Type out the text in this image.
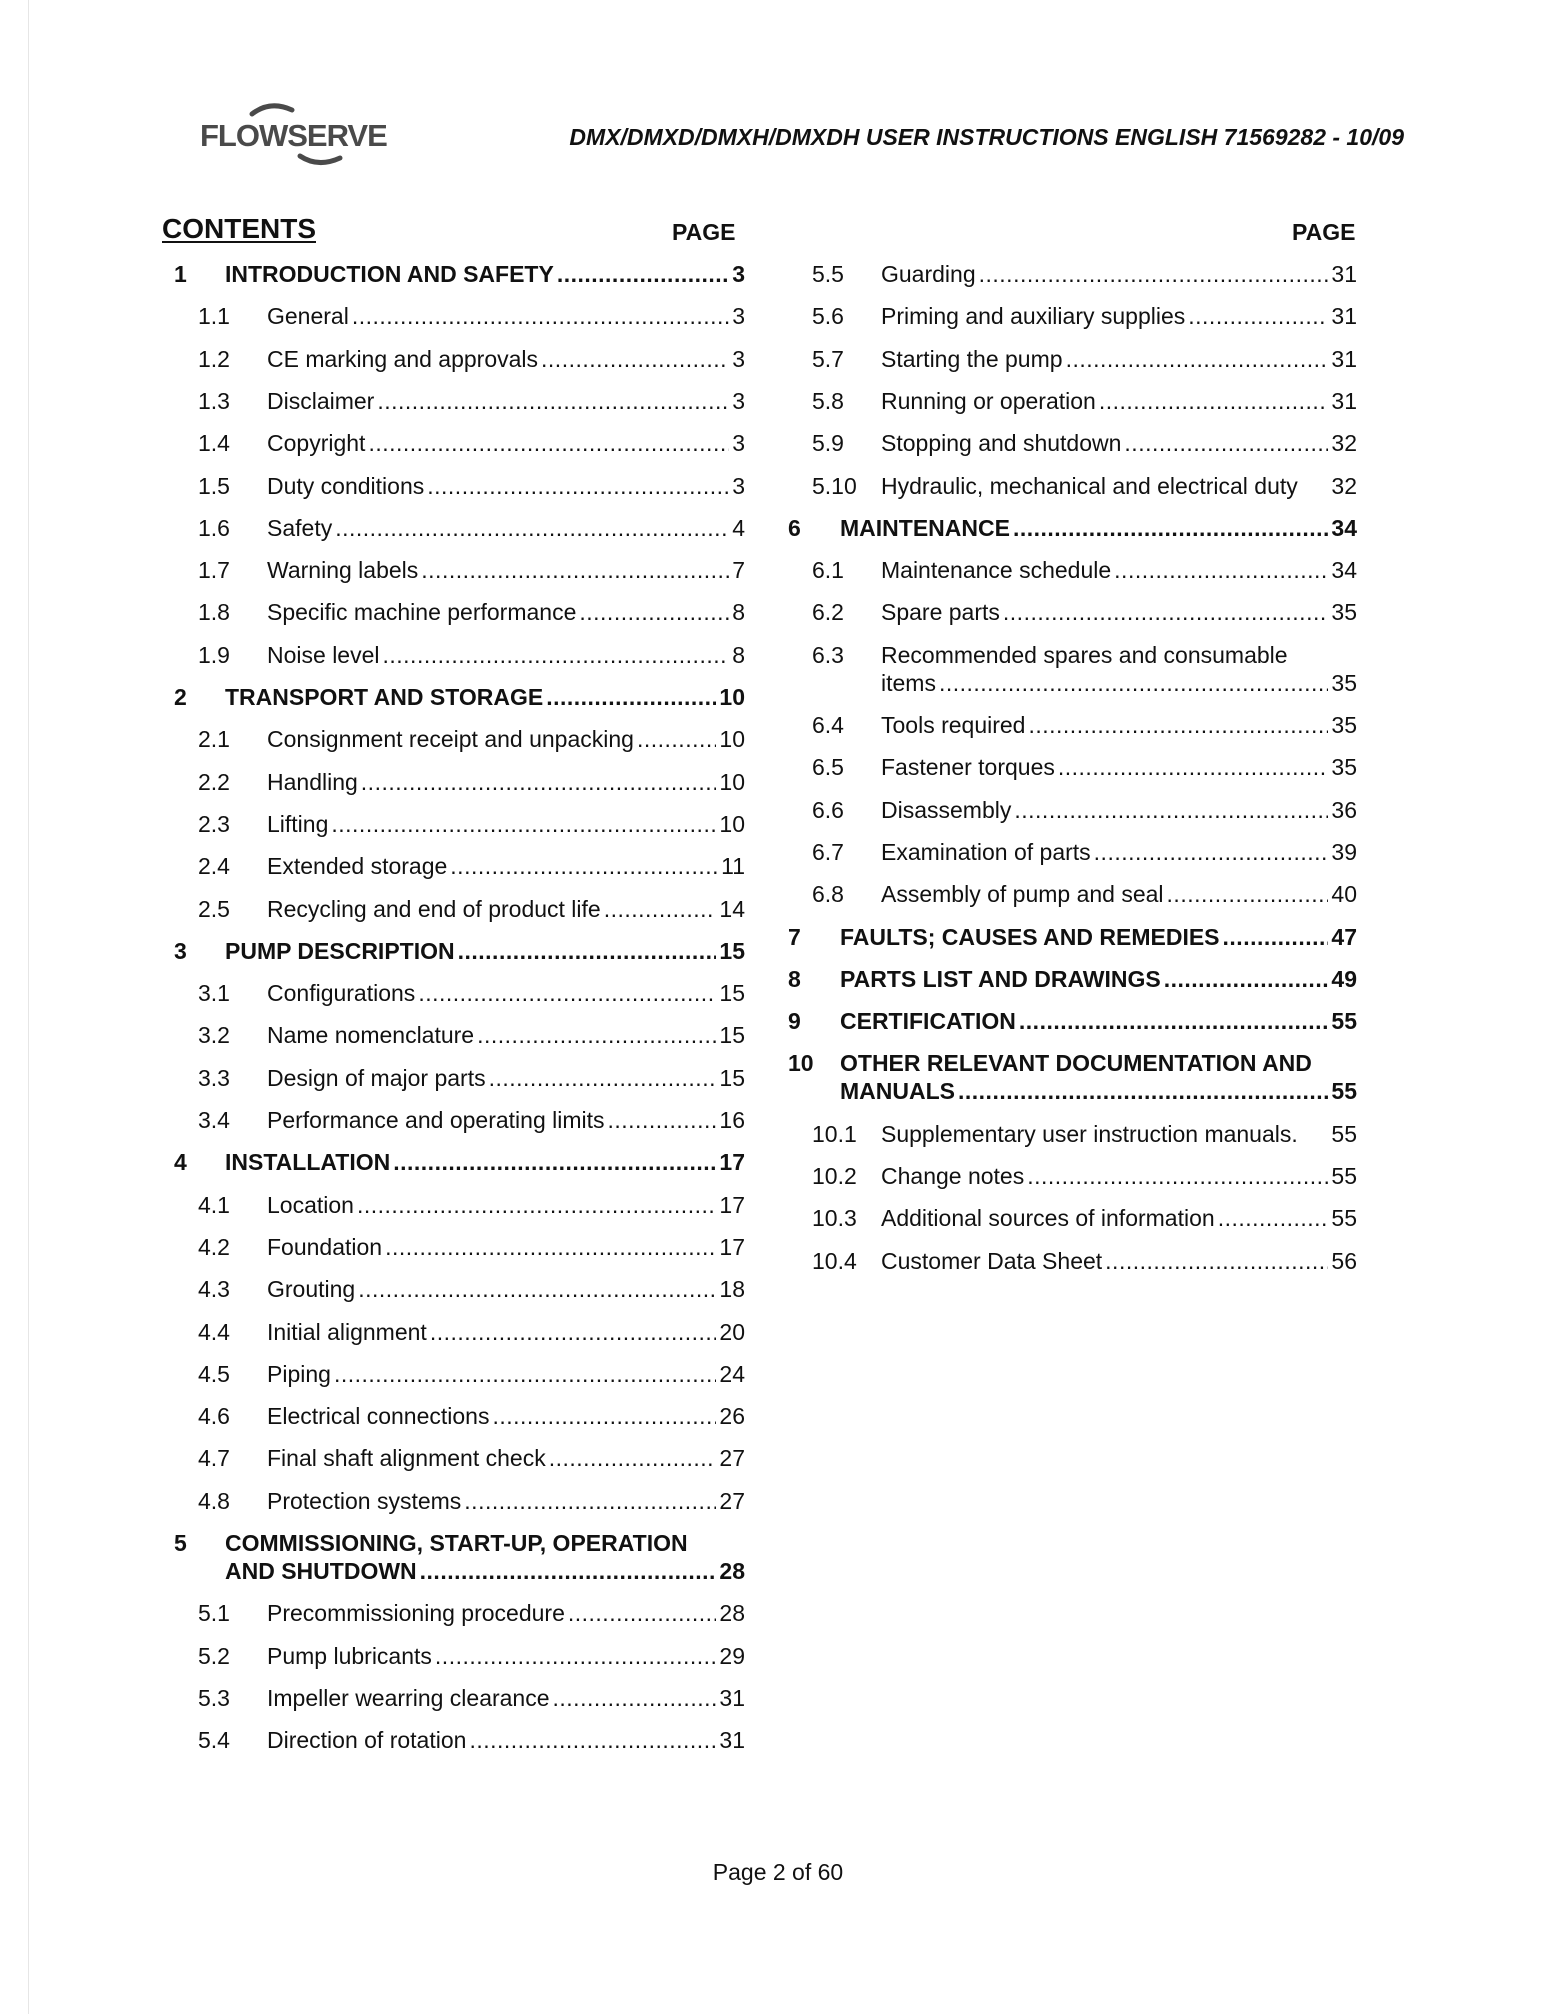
FLOWSERVE	DMX/DMXD/DMXH/DMXDH USER INSTRUCTIONS ENGLISH 71569282 - 10/09
CONTENTS	PAGE	PAGE
1	INTRODUCTION AND SAFETY .....	3
1.1	General .....	3
1.2	CE marking and approvals .....	3
1.3	Disclaimer .....	3
1.4	Copyright .....	3
1.5	Duty conditions .....	3
1.6	Safety .....	4
1.7	Warning labels .....	7
1.8	Specific machine performance .....	8
1.9	Noise level .....	8
2	TRANSPORT AND STORAGE .....	10
2.1	Consignment receipt and unpacking .....	10
2.2	Handling .....	10
2.3	Lifting .....	10
2.4	Extended storage .....	11
2.5	Recycling and end of product life .....	14
3	PUMP DESCRIPTION .....	15
3.1	Configurations .....	15
3.2	Name nomenclature .....	15
3.3	Design of major parts .....	15
3.4	Performance and operating limits .....	16
4	INSTALLATION .....	17
4.1	Location .....	17
4.2	Foundation .....	17
4.3	Grouting .....	18
4.4	Initial alignment .....	20
4.5	Piping .....	24
4.6	Electrical connections .....	26
4.7	Final shaft alignment check .....	27
4.8	Protection systems .....	27
5	COMMISSIONING, START-UP, OPERATION
AND SHUTDOWN .....	28
5.1	Precommissioning procedure .....	28
5.2	Pump lubricants .....	29
5.3	Impeller wearring clearance .....	31
5.4	Direction of rotation .....	31
5.5	Guarding .....	31
5.6	Priming and auxiliary supplies .....	31
5.7	Starting the pump .....	31
5.8	Running or operation .....	31
5.9	Stopping and shutdown .....	32
5.10	Hydraulic, mechanical and electrical duty 32
6	MAINTENANCE .....	34
6.1	Maintenance schedule .....	34
6.2	Spare parts .....	35
6.3	Recommended spares and consumable
items .....	35
6.4	Tools required .....	35
6.5	Fastener torques .....	35
6.6	Disassembly .....	36
6.7	Examination of parts .....	39
6.8	Assembly of pump and seal .....	40
7	FAULTS; CAUSES AND REMEDIES .....	47
8	PARTS LIST AND DRAWINGS .....	49
9	CERTIFICATION .....	55
10	OTHER RELEVANT DOCUMENTATION AND
MANUALS .....	55
10.1	Supplementary user instruction manuals .	55
10.2	Change notes .....	55
10.3	Additional sources of information .....	55
10.4	Customer Data Sheet .....	56
Page 2 of 60
